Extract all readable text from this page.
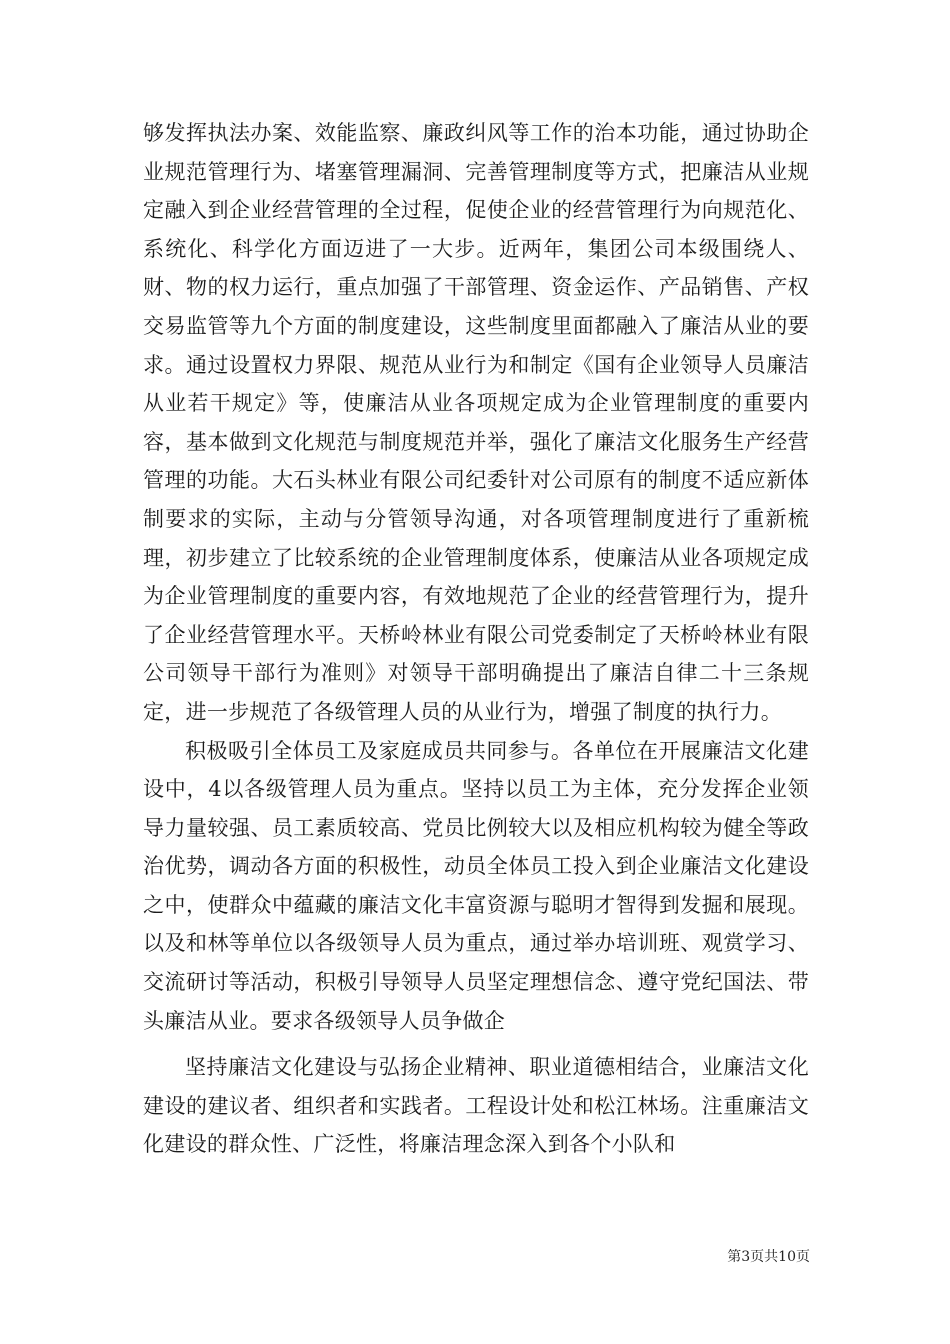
够发挥执法办案、效能监察、廉政纠风等工作的治本功能，通过协助企业规范管理行为、堵塞管理漏洞、完善管理制度等方式，把廉洁从业规定融入到企业经营管理的全过程，促使企业的经营管理行为向规范化、系统化、科学化方面迈进了一大步。近两年，集团公司本级围绕人、财、物的权力运行，重点加强了干部管理、资金运作、产品销售、产权交易监管等九个方面的制度建设，这些制度里面都融入了廉洁从业的要求。通过设置权力界限、规范从业行为和制定《国有企业领导人员廉洁从业若干规定》等，使廉洁从业各项规定成为企业管理制度的重要内容，基本做到文化规范与制度规范并举，强化了廉洁文化服务生产经营管理的功能。大石头林业有限公司纪委针对公司原有的制度不适应新体制要求的实际，主动与分管领导沟通，对各项管理制度进行了重新梳理，初步建立了比较系统的企业管理制度体系，使廉洁从业各项规定成为企业管理制度的重要内容，有效地规范了企业的经营管理行为，提升了企业经营管理水平。天桥岭林业有限公司党委制定了天桥岭林业有限公司领导干部行为准则》对领导干部明确提出了廉洁自律二十三条规定，进一步规范了各级管理人员的从业行为，增强了制度的执行力。

积极吸引全体员工及家庭成员共同参与。各单位在开展廉洁文化建设中，4以各级管理人员为重点。坚持以员工为主体，充分发挥企业领导力量较强、员工素质较高、党员比例较大以及相应机构较为健全等政治优势，调动各方面的积极性，动员全体员工投入到企业廉洁文化建设之中，使群众中蕴藏的廉洁文化丰富资源与聪明才智得到发掘和展现。以及和林等单位以各级领导人员为重点，通过举办培训班、观赏学习、交流研讨等活动，积极引导领导人员坚定理想信念、遵守党纪国法、带头廉洁从业。要求各级领导人员争做企

坚持廉洁文化建设与弘扬企业精神、职业道德相结合，业廉洁文化建设的建议者、组织者和实践者。工程设计处和松江林场。注重廉洁文化建设的群众性、广泛性，将廉洁理念深入到各个小队和

第3页共10页
